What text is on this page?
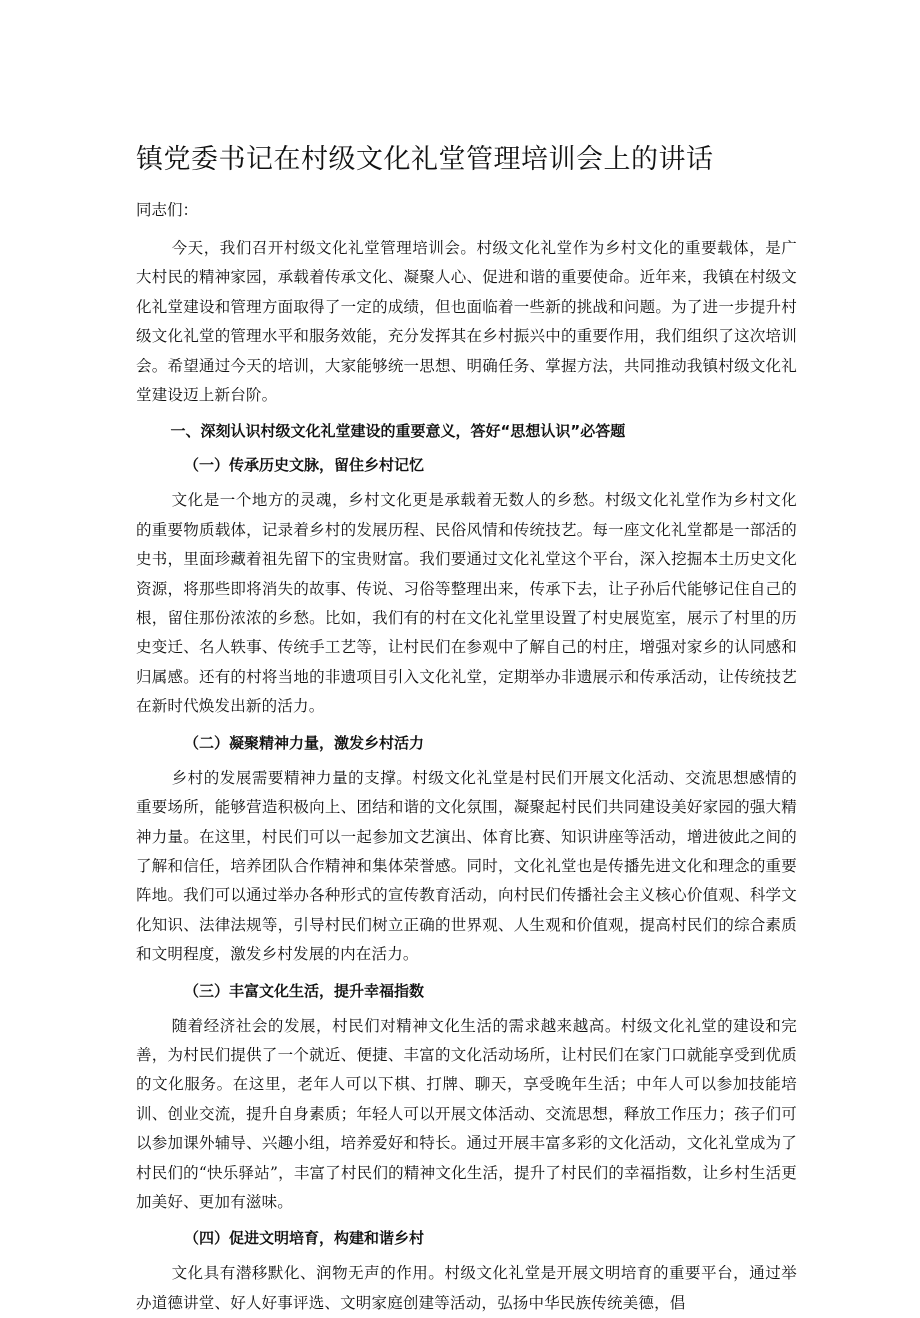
镇党委书记在村级文化礼堂管理培训会上的讲话

同志们：

今天，我们召开村级文化礼堂管理培训会。村级文化礼堂作为乡村文化的重要载体，是广大村民的精神家园，承载着传承文化、凝聚人心、促进和谐的重要使命。近年来，我镇在村级文化礼堂建设和管理方面取得了一定的成绩，但也面临着一些新的挑战和问题。为了进一步提升村级文化礼堂的管理水平和服务效能，充分发挥其在乡村振兴中的重要作用，我们组织了这次培训会。希望通过今天的培训，大家能够统一思想、明确任务、掌握方法，共同推动我镇村级文化礼堂建设迈上新台阶。

一、深刻认识村级文化礼堂建设的重要意义，答好“思想认识”必答题

（一）传承历史文脉，留住乡村记忆

文化是一个地方的灵魂，乡村文化更是承载着无数人的乡愁。村级文化礼堂作为乡村文化的重要物质载体，记录着乡村的发展历程、民俗风情和传统技艺。每一座文化礼堂都是一部活的史书，里面珍藏着祖先留下的宝贵财富。我们要通过文化礼堂这个平台，深入挖掘本土历史文化资源，将那些即将消失的故事、传说、习俗等整理出来，传承下去，让子孙后代能够记住自己的根，留住那份浓浓的乡愁。比如，我们有的村在文化礼堂里设置了村史展览室，展示了村里的历史变迁、名人轶事、传统手工艺等，让村民们在参观中了解自己的村庄，增强对家乡的认同感和归属感。还有的村将当地的非遗项目引入文化礼堂，定期举办非遗展示和传承活动，让传统技艺在新时代焕发出新的活力。

（二）凝聚精神力量，激发乡村活力

乡村的发展需要精神力量的支撑。村级文化礼堂是村民们开展文化活动、交流思想感情的重要场所，能够营造积极向上、团结和谐的文化氛围，凝聚起村民们共同建设美好家园的强大精神力量。在这里，村民们可以一起参加文艺演出、体育比赛、知识讲座等活动，增进彼此之间的了解和信任，培养团队合作精神和集体荣誉感。同时，文化礼堂也是传播先进文化和理念的重要阵地。我们可以通过举办各种形式的宣传教育活动，向村民们传播社会主义核心价值观、科学文化知识、法律法规等，引导村民们树立正确的世界观、人生观和价值观，提高村民们的综合素质和文明程度，激发乡村发展的内在活力。

（三）丰富文化生活，提升幸福指数

随着经济社会的发展，村民们对精神文化生活的需求越来越高。村级文化礼堂的建设和完善，为村民们提供了一个就近、便捷、丰富的文化活动场所，让村民们在家门口就能享受到优质的文化服务。在这里，老年人可以下棋、打牌、聊天，享受晚年生活；中年人可以参加技能培训、创业交流，提升自身素质；年轻人可以开展文体活动、交流思想，释放工作压力；孩子们可以参加课外辅导、兴趣小组，培养爱好和特长。通过开展丰富多彩的文化活动，文化礼堂成为了村民们的“快乐驿站”，丰富了村民们的精神文化生活，提升了村民们的幸福指数，让乡村生活更加美好、更加有滋味。

（四）促进文明培育，构建和谐乡村

文化具有潜移默化、润物无声的作用。村级文化礼堂是开展文明培育的重要平台，通过举办道德讲堂、好人好事评选、文明家庭创建等活动，弘扬中华民族传统美德，倡
